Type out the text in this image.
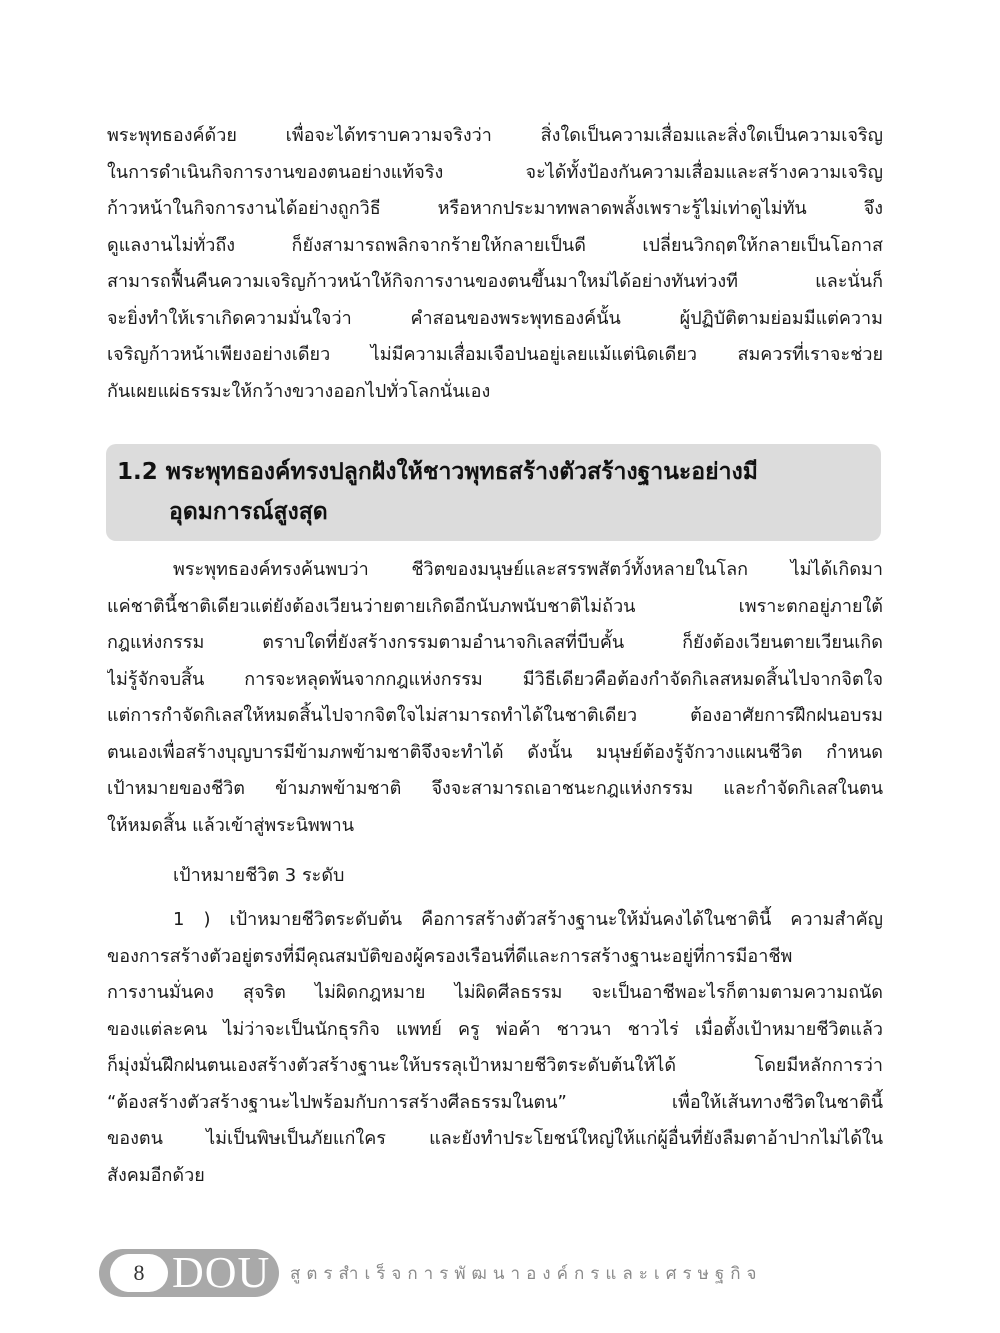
พระพุทธองค์ด้วย เพื่อจะได้ทราบความจริงว่า สิ่งใดเป็นความเสื่อมและสิ่งใดเป็นความเจริญ
ในการดำเนินกิจการงานของตนอย่างแท้จริง จะได้ทั้งป้องกันความเสื่อมและสร้างความเจริญ
ก้าวหน้าในกิจการงานได้อย่างถูกวิธี หรือหากประมาทพลาดพลั้งเพราะรู้ไม่เท่าดูไม่ทัน จึง
ดูแลงานไม่ทั่วถึง ก็ยังสามารถพลิกจากร้ายให้กลายเป็นดี เปลี่ยนวิกฤตให้กลายเป็นโอกาส
สามารถฟื้นคืนความเจริญก้าวหน้าให้กิจการงานของตนขึ้นมาใหม่ได้อย่างทันท่วงที และนั่นก็
จะยิ่งทำให้เราเกิดความมั่นใจว่า คำสอนของพระพุทธองค์นั้น ผู้ปฏิบัติตามย่อมมีแต่ความ
เจริญก้าวหน้าเพียงอย่างเดียว ไม่มีความเสื่อมเจือปนอยู่เลยแม้แต่นิดเดียว สมควรที่เราจะช่วย
กันเผยแผ่ธรรมะให้กว้างขวางออกไปทั่วโลกนั่นเอง
1.2 พระพุทธองค์ทรงปลูกฝังให้ชาวพุทธสร้างตัวสร้างฐานะอย่างมี
อุดมการณ์สูงสุด
พระพุทธองค์ทรงค้นพบว่า ชีวิตของมนุษย์และสรรพสัตว์ทั้งหลายในโลก ไม่ได้เกิดมา
แค่ชาตินี้ชาติเดียวแต่ยังต้องเวียนว่ายตายเกิดอีกนับภพนับชาติไม่ถ้วน เพราะตกอยู่ภายใต้
กฎแห่งกรรม ตราบใดที่ยังสร้างกรรมตามอำนาจกิเลสที่บีบคั้น ก็ยังต้องเวียนตายเวียนเกิด
ไม่รู้จักจบสิ้น การจะหลุดพ้นจากกฎแห่งกรรม มีวิธีเดียวคือต้องกำจัดกิเลสหมดสิ้นไปจากจิตใจ
แต่การกำจัดกิเลสให้หมดสิ้นไปจากจิตใจไม่สามารถทำได้ในชาติเดียว ต้องอาศัยการฝึกฝนอบรม
ตนเองเพื่อสร้างบุญบารมีข้ามภพข้ามชาติจึงจะทำได้ ดังนั้น มนุษย์ต้องรู้จักวางแผนชีวิต กำหนด
เป้าหมายของชีวิต ข้ามภพข้ามชาติ จึงจะสามารถเอาชนะกฎแห่งกรรม และกำจัดกิเลสในตน
ให้หมดสิ้น แล้วเข้าสู่พระนิพพาน
เป้าหมายชีวิต 3 ระดับ
1 ) เป้าหมายชีวิตระดับต้น คือการสร้างตัวสร้างฐานะให้มั่นคงได้ในชาตินี้ ความสำคัญ
ของการสร้างตัวอยู่ตรงที่มีคุณสมบัติของผู้ครองเรือนที่ดีและการสร้างฐานะอยู่ที่การมีอาชีพ
การงานมั่นคง สุจริต ไม่ผิดกฎหมาย ไม่ผิดศีลธรรม จะเป็นอาชีพอะไรก็ตามตามความถนัด
ของแต่ละคน ไม่ว่าจะเป็นนักธุรกิจ แพทย์ ครู พ่อค้า ชาวนา ชาวไร่ เมื่อตั้งเป้าหมายชีวิตแล้ว
ก็มุ่งมั่นฝึกฝนตนเองสร้างตัวสร้างฐานะให้บรรลุเป้าหมายชีวิตระดับต้นให้ได้ โดยมีหลักการว่า
“ต้องสร้างตัวสร้างฐานะไปพร้อมกับการสร้างศีลธรรมในตน” เพื่อให้เส้นทางชีวิตในชาตินี้
ของตน ไม่เป็นพิษเป็นภัยแก่ใคร และยังทำประโยชน์ใหญ่ให้แก่ผู้อื่นที่ยังลืมตาอ้าปากไม่ได้ใน
สังคมอีกด้วย
8 DOU สูตรสำเร็จการพัฒนาองค์กรและเศรษฐกิจ
